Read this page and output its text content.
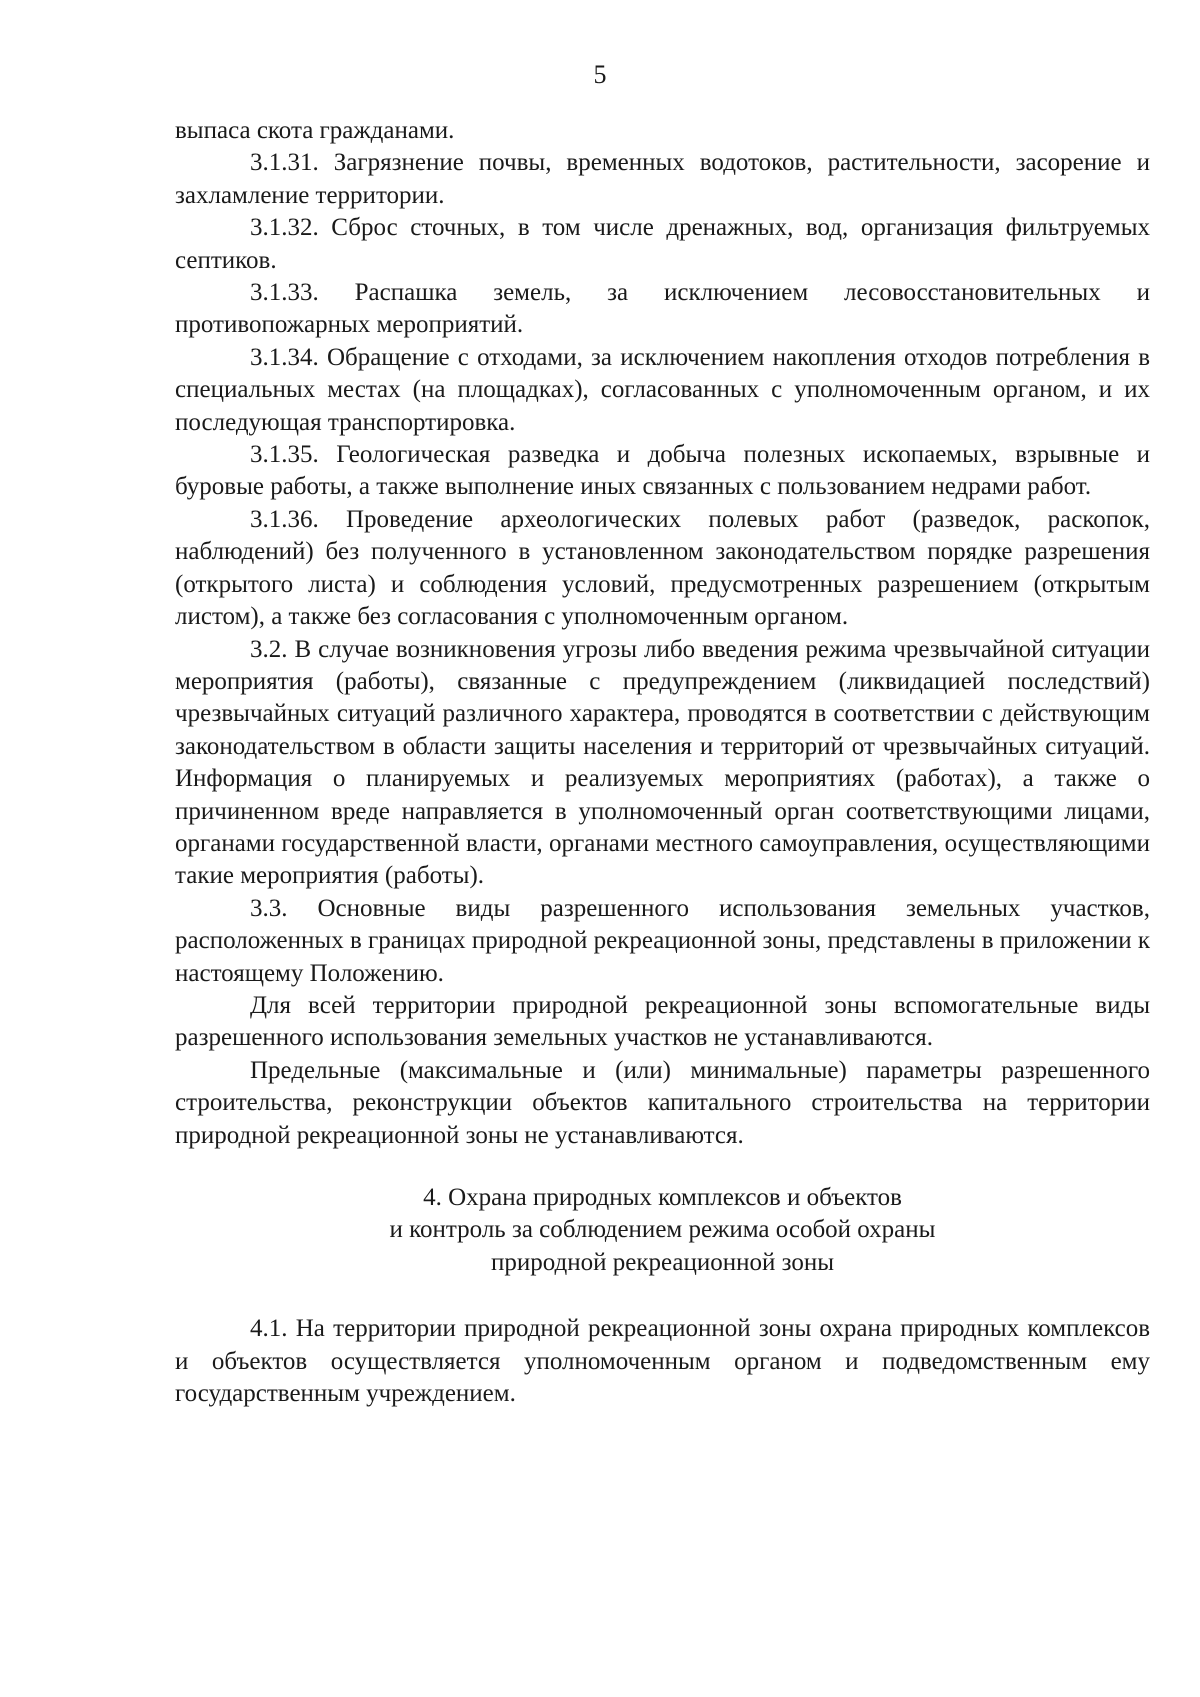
5

выпаса скота гражданами.

3.1.31. Загрязнение почвы, временных водотоков, растительности, засорение и захламление территории.

3.1.32. Сброс сточных, в том числе дренажных, вод, организация фильтруемых септиков.

3.1.33. Распашка земель, за исключением лесовосстановительных и противопожарных мероприятий.

3.1.34. Обращение с отходами, за исключением накопления отходов потребления в специальных местах (на площадках), согласованных с уполномоченным органом, и их последующая транспортировка.

3.1.35. Геологическая разведка и добыча полезных ископаемых, взрывные и буровые работы, а также выполнение иных связанных с пользованием недрами работ.

3.1.36. Проведение археологических полевых работ (разведок, раскопок, наблюдений) без полученного в установленном законодательством порядке разрешения (открытого листа) и соблюдения условий, предусмотренных разрешением (открытым листом), а также без согласования с уполномоченным органом.

3.2. В случае возникновения угрозы либо введения режима чрезвычайной ситуации мероприятия (работы), связанные с предупреждением (ликвидацией последствий) чрезвычайных ситуаций различного характера, проводятся в соответствии с действующим законодательством в области защиты населения и территорий от чрезвычайных ситуаций. Информация о планируемых и реализуемых мероприятиях (работах), а также о причиненном вреде направляется в уполномоченный орган соответствующими лицами, органами государственной власти, органами местного самоуправления, осуществляющими такие мероприятия (работы).

3.3. Основные виды разрешенного использования земельных участков, расположенных в границах природной рекреационной зоны, представлены в приложении к настоящему Положению.

Для всей территории природной рекреационной зоны вспомогательные виды разрешенного использования земельных участков не устанавливаются.

Предельные (максимальные и (или) минимальные) параметры разрешенного строительства, реконструкции объектов капитального строительства на территории природной рекреационной зоны не устанавливаются.

4. Охрана природных комплексов и объектов
и контроль за соблюдением режима особой охраны
природной рекреационной зоны

4.1. На территории природной рекреационной зоны охрана природных комплексов и объектов осуществляется уполномоченным органом и подведомственным ему государственным учреждением.
